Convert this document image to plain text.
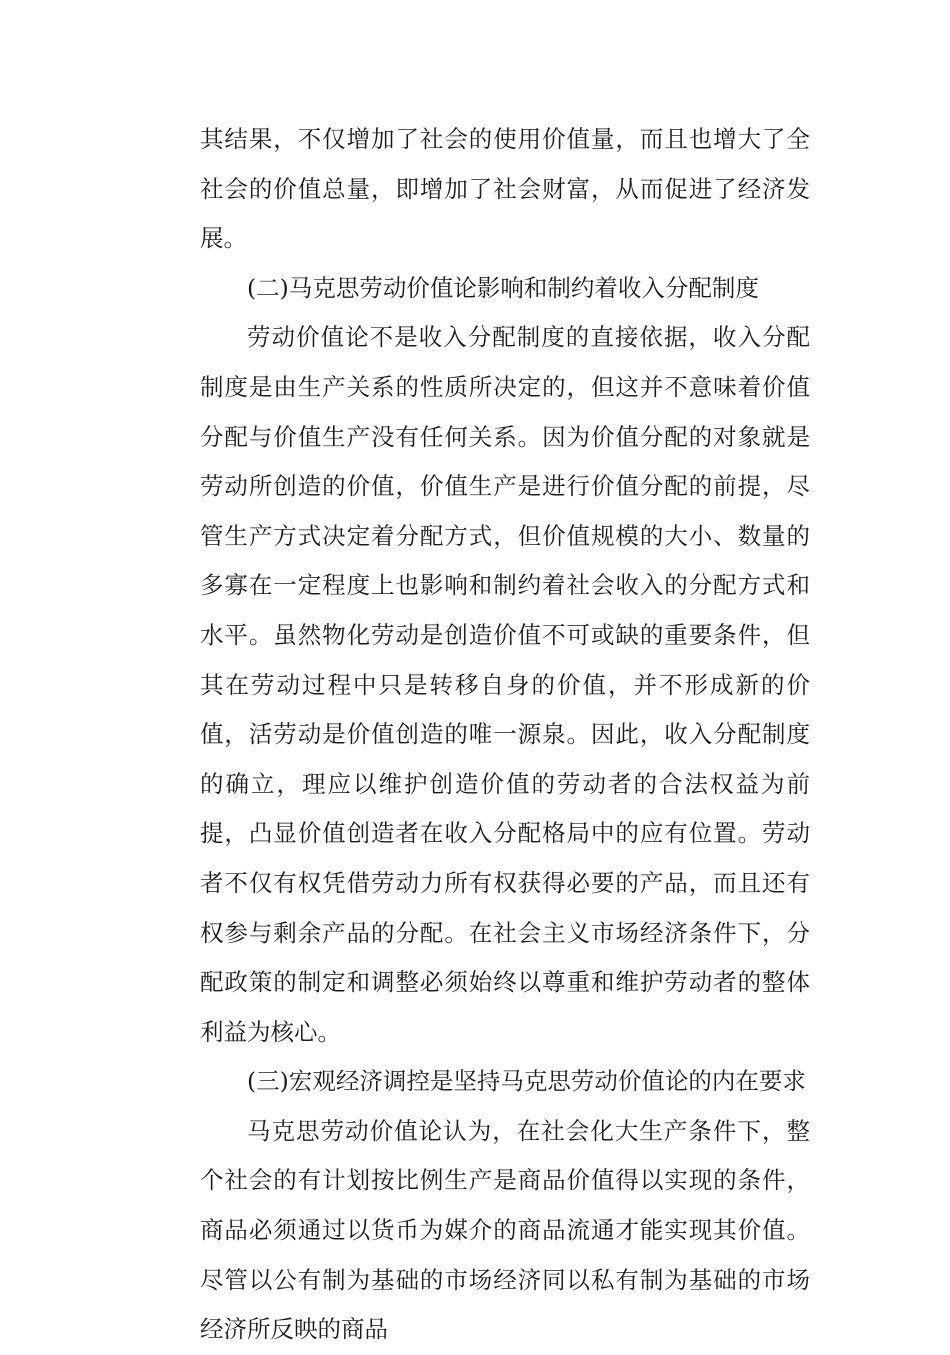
其结果，不仅增加了社会的使用价值量，而且也增大了全社会的价值总量，即增加了社会财富，从而促进了经济发展。

(二)马克思劳动价值论影响和制约着收入分配制度

劳动价值论不是收入分配制度的直接依据，收入分配制度是由生产关系的性质所决定的，但这并不意味着价值分配与价值生产没有任何关系。因为价值分配的对象就是劳动所创造的价值，价值生产是进行价值分配的前提，尽管生产方式决定着分配方式，但价值规模的大小、数量的多寡在一定程度上也影响和制约着社会收入的分配方式和水平。虽然物化劳动是创造价值不可或缺的重要条件，但其在劳动过程中只是转移自身的价值，并不形成新的价值，活劳动是价值创造的唯一源泉。因此，收入分配制度的确立，理应以维护创造价值的劳动者的合法权益为前提，凸显价值创造者在收入分配格局中的应有位置。劳动者不仅有权凭借劳动力所有权获得必要的产品，而且还有权参与剩余产品的分配。在社会主义市场经济条件下，分配政策的制定和调整必须始终以尊重和维护劳动者的整体利益为核心。

(三)宏观经济调控是坚持马克思劳动价值论的内在要求

马克思劳动价值论认为，在社会化大生产条件下，整个社会的有计划按比例生产是商品价值得以实现的条件，商品必须通过以货币为媒介的商品流通才能实现其价值。尽管以公有制为基础的市场经济同以私有制为基础的市场经济所反映的商品
